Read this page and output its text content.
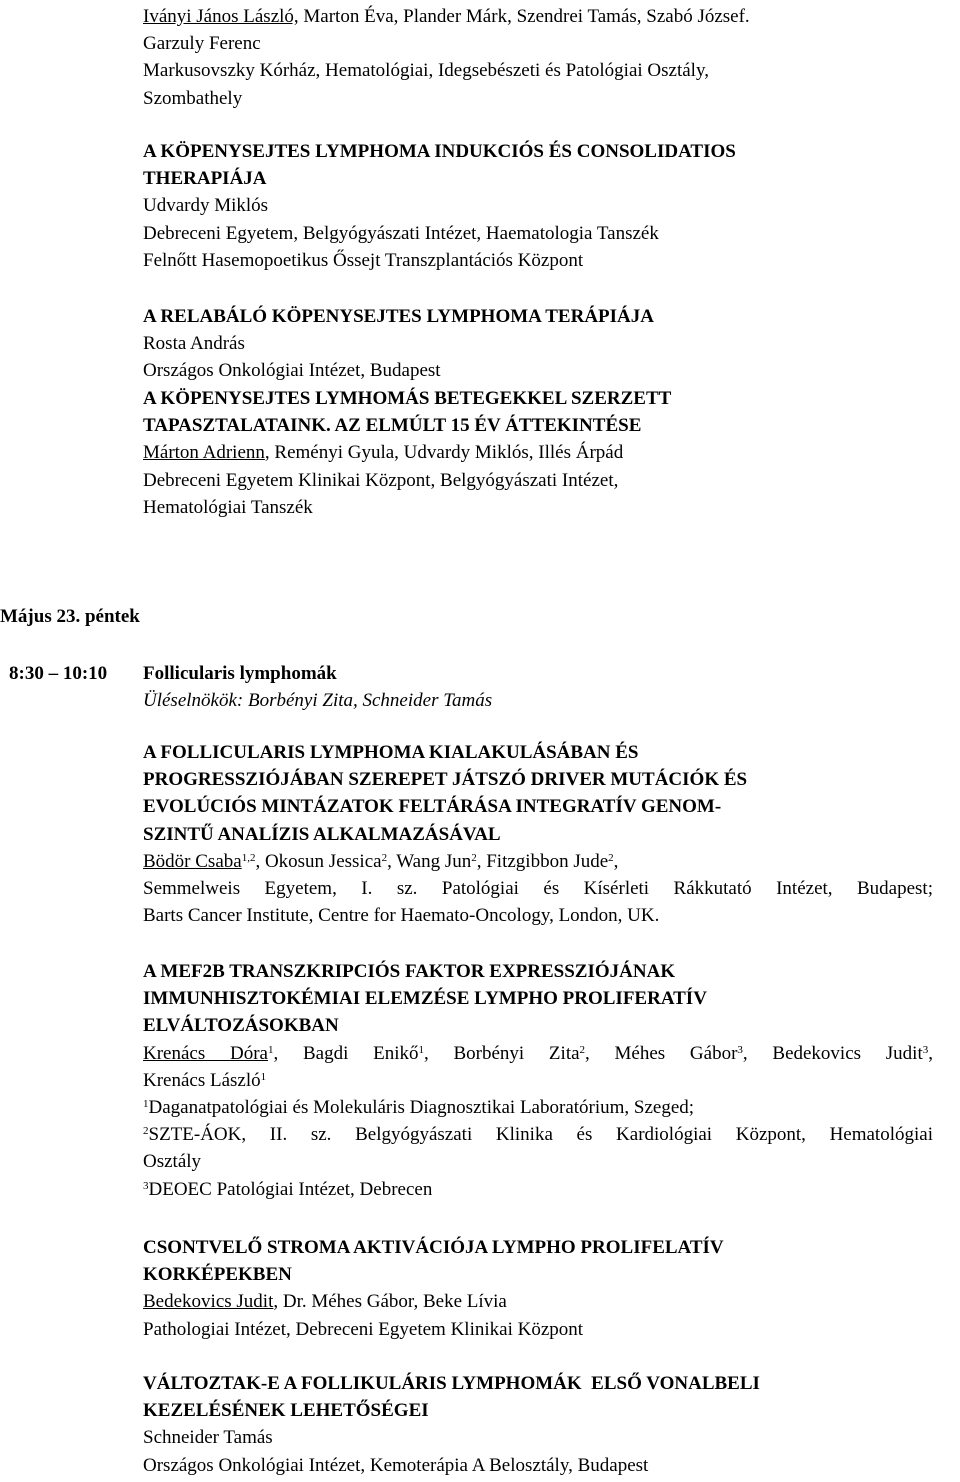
Iványi János László, Marton Éva, Plander Márk, Szendrei Tamás, Szabó József.
Garzuly Ferenc
Markusovszky Kórház, Hematológiai, Idegsebészeti és Patológiai Osztály,
Szombathely
A KÖPENYSEJTES LYMPHOMA INDUKCIÓS ÉS CONSOLIDATIOS
THERAPIÁJA
Udvardy Miklós
Debreceni Egyetem, Belgyógyászati Intézet, Haematologia Tanszék
Felnőtt Hasemopoetikus Őssejt Transzplantációs Központ
A RELABÁLÓ KÖPENYSEJTES LYMPHOMA TERÁPIÁJA
Rosta András
Országos Onkológiai Intézet, Budapest
A KÖPENYSEJTES LYMHOMÁS BETEGEKKEL SZERZETT
TAPASZTALATAINK. AZ ELMÚLT 15 ÉV ÁTTEKINTÉSE
Márton Adrienn, Reményi Gyula, Udvardy Miklós, Illés Árpád
Debreceni Egyetem Klinikai Központ, Belgyógyászati Intézet,
Hematológiai Tanszék
Május 23. péntek
8:30 – 10:10 Follicularis lymphomák
Üléselnökök: Borbényi Zita, Schneider Tamás
A FOLLICULARIS LYMPHOMA KIALAKULÁSÁBAN ÉS
PROGRESSZIÓJÁBAN SZEREPET JÁTSZÓ DRIVER MUTÁCIÓK ÉS
EVOLÚCIÓS MINTÁZATOK FELTÁRÁSA INTEGRATÍV GENOM-
SZINTŰ ANALÍZIS ALKALMAZÁSÁVAL
Bödör Csaba$^{1,2}$, Okosun Jessica$^2$, Wang Jun$^2$, Fitzgibbon Jude$^2$,
Semmelweis Egyetem, I. sz. Patológiai és Kísérleti Rákkutató Intézet, Budapest;
Barts Cancer Institute, Centre for Haemato-Oncology, London, UK.
A MEF2B TRANSZKRIPCIÓS FAKTOR EXPRESSZIÓJÁNAK
IMMUNHISZTOKÉMIAI ELEMZÉSE LYMPHO PROLIFERATÍV
ELVÁLTOZÁSOKBAN
Krenács Dóra$^1$, Bagdi Enikő$^1$, Borbényi Zita$^2$, Méhes Gábor$^3$, Bedekovics Judit$^3$,
Krenács László$^1$
$^1$Daganatpatológiai és Molekuláris Diagnosztikai Laboratórium, Szeged;
$^2$SZTE-ÁOK, II. sz. Belgyógyászati Klinika és Kardiológiai Központ, Hematológiai
Osztály
$^3$DEOEC Patológiai Intézet, Debrecen
CSONTVELŐ STROMA AKTIVÁCIÓJA LYMPHO PROLIFELATÍV
KORKÉPEKBEN
Bedekovics Judit, Dr. Méhes Gábor, Beke Lívia
Pathologiai Intézet, Debreceni Egyetem Klinikai Központ
VÁLTOZTAK-E A FOLLIKULÁRIS LYMPHOMÁK  ELSŐ VONALBELI
KEZELÉSÉNEK LEHETŐSÉGEI
Schneider Tamás
Országos Onkológiai Intézet, Kemoterápia A Belosztály, Budapest
